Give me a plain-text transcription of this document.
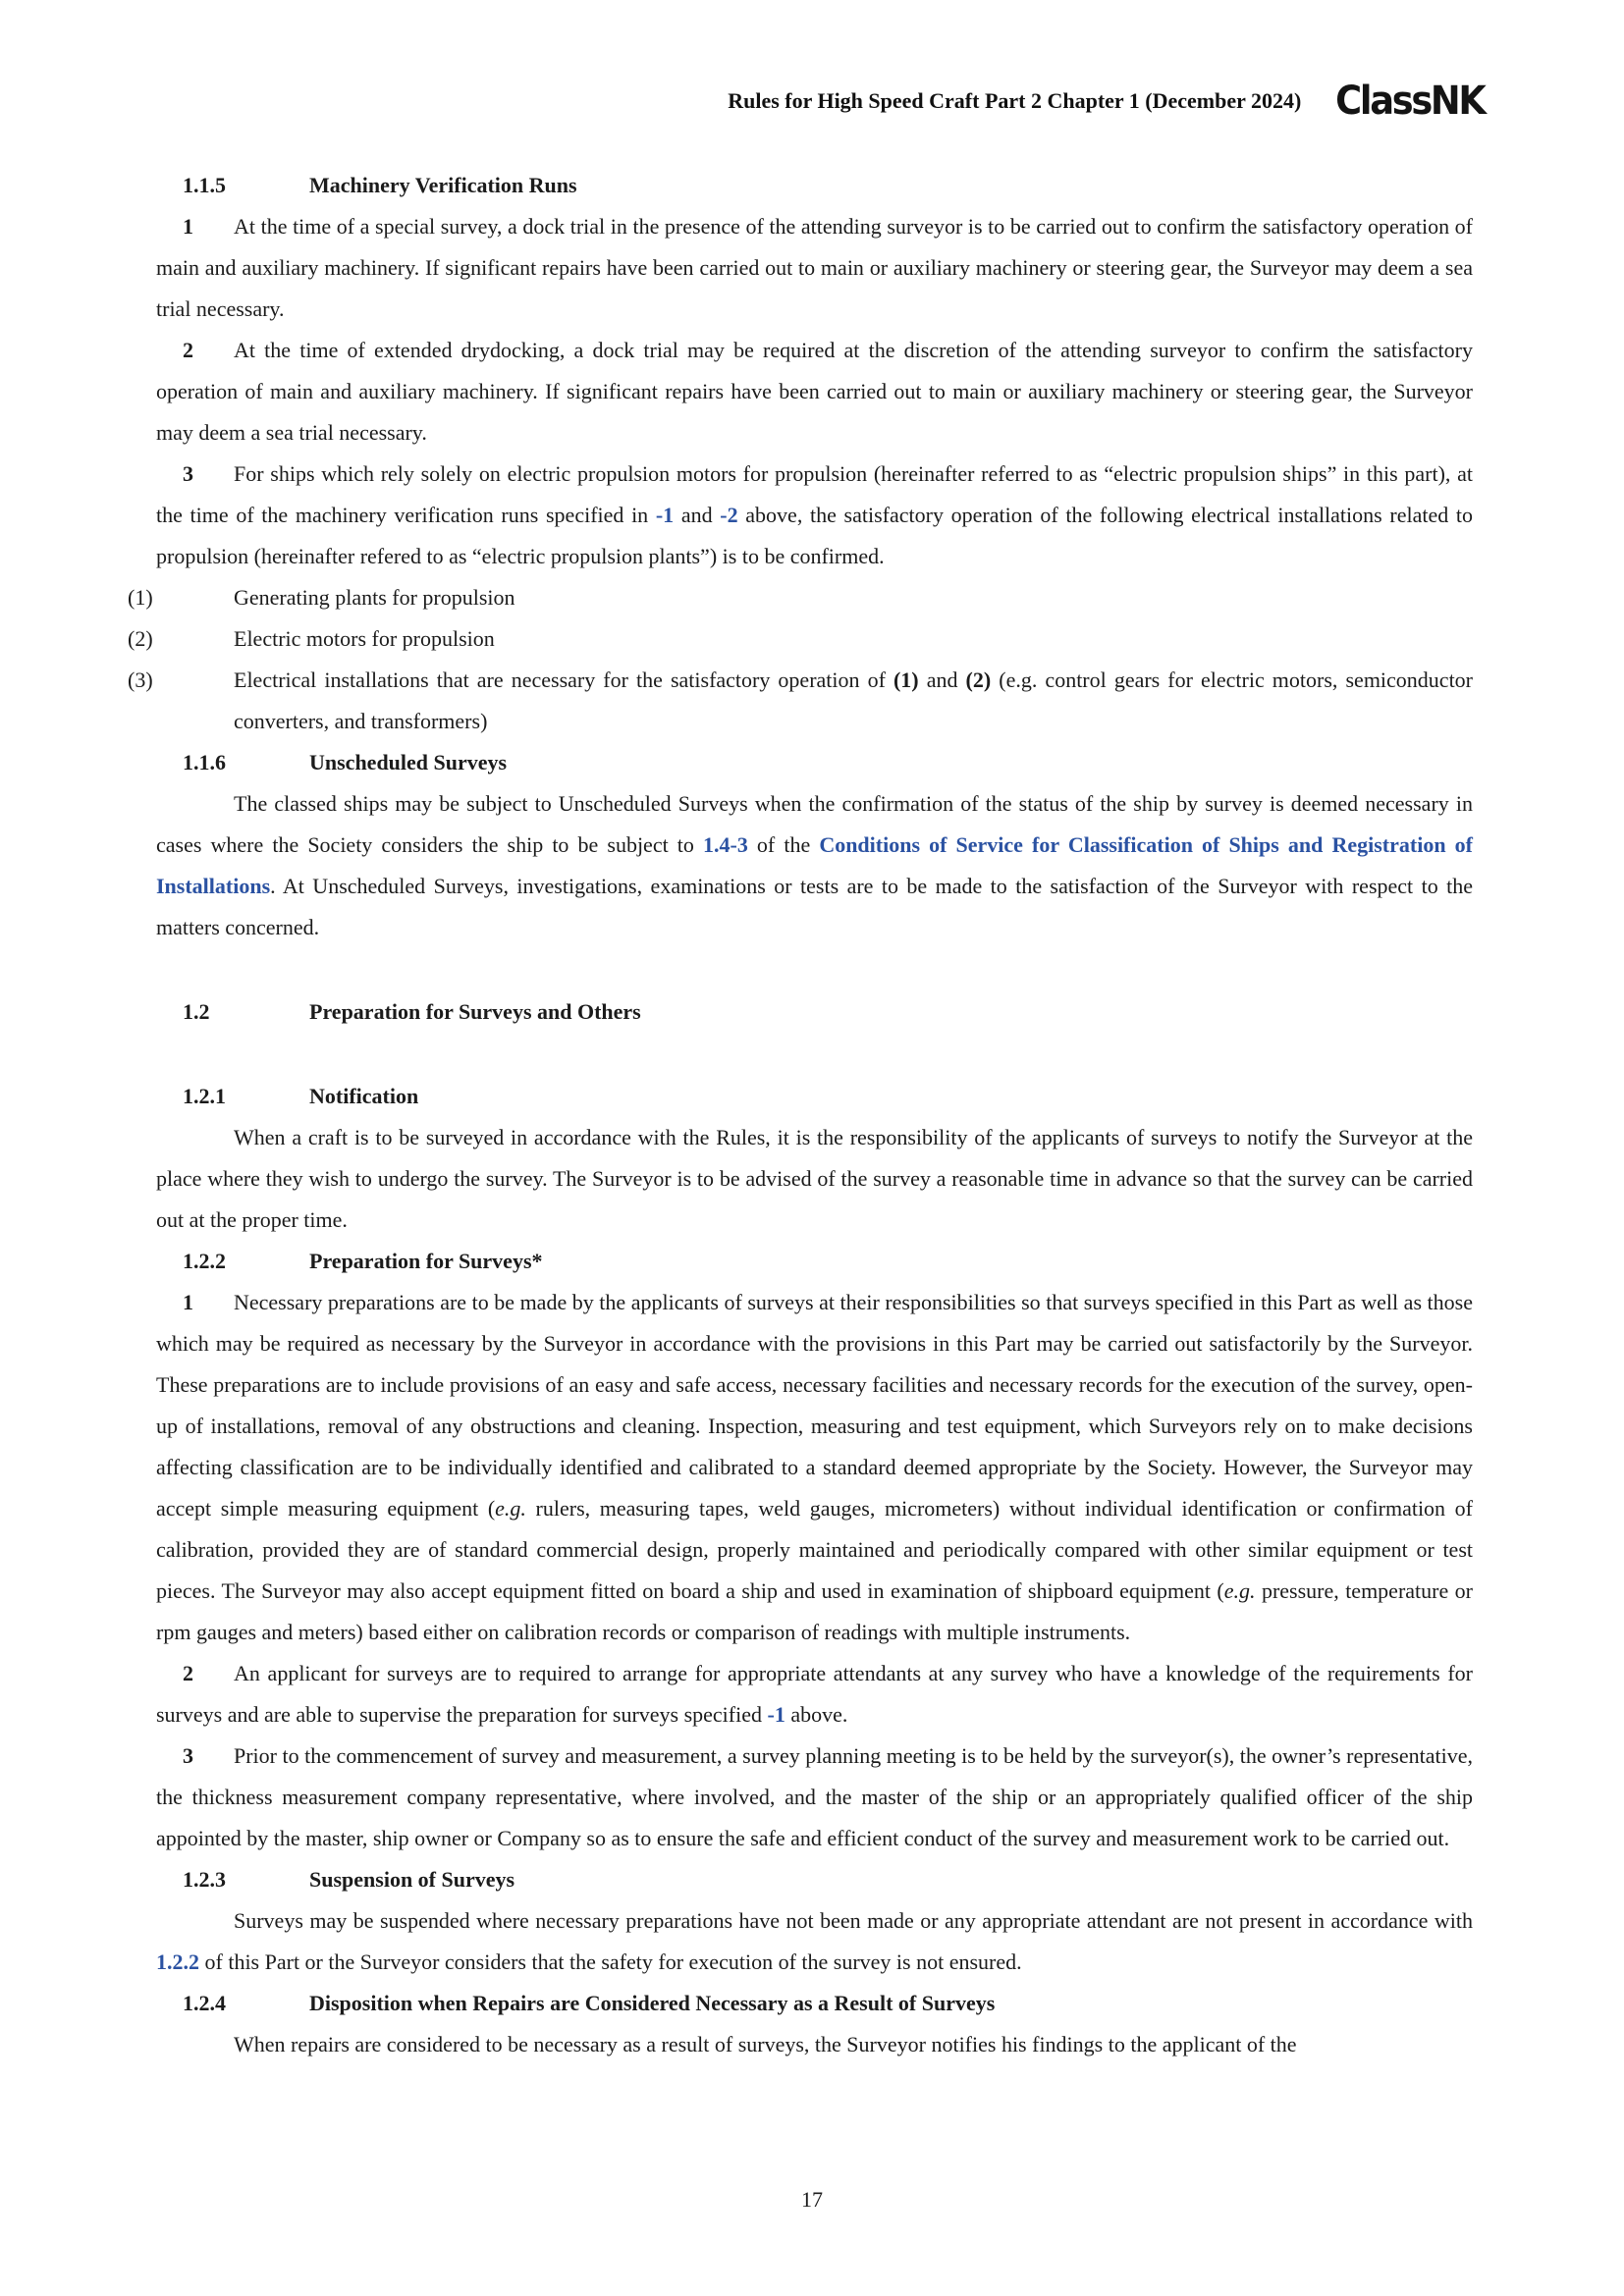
Rules for High Speed Craft Part 2 Chapter 1 (December 2024) ClassNK

1.1.5	Machinery Verification Runs

1 At the time of a special survey, a dock trial in the presence of the attending surveyor is to be carried out to confirm the satisfactory operation of main and auxiliary machinery. If significant repairs have been carried out to main or auxiliary machinery or steering gear, the Surveyor may deem a sea trial necessary.

2 At the time of extended drydocking, a dock trial may be required at the discretion of the attending surveyor to confirm the satisfactory operation of main and auxiliary machinery. If significant repairs have been carried out to main or auxiliary machinery or steering gear, the Surveyor may deem a sea trial necessary.

3 For ships which rely solely on electric propulsion motors for propulsion (hereinafter referred to as “electric propulsion ships” in this part), at the time of the machinery verification runs specified in -1 and -2 above, the satisfactory operation of the following electrical installations related to propulsion (hereinafter refered to as “electric propulsion plants”) is to be confirmed.

(1)	Generating plants for propulsion

(2)	Electric motors for propulsion

(3)	Electrical installations that are necessary for the satisfactory operation of (1) and (2) (e.g. control gears for electric motors, semiconductor converters, and transformers)

1.1.6	Unscheduled Surveys

The classed ships may be subject to Unscheduled Surveys when the confirmation of the status of the ship by survey is deemed necessary in cases where the Society considers the ship to be subject to 1.4-3 of the Conditions of Service for Classification of Ships and Registration of Installations. At Unscheduled Surveys, investigations, examinations or tests are to be made to the satisfaction of the Surveyor with respect to the matters concerned.

1.2	Preparation for Surveys and Others

1.2.1	Notification

When a craft is to be surveyed in accordance with the Rules, it is the responsibility of the applicants of surveys to notify the Surveyor at the place where they wish to undergo the survey. The Surveyor is to be advised of the survey a reasonable time in advance so that the survey can be carried out at the proper time.

1.2.2	Preparation for Surveys*

1 Necessary preparations are to be made by the applicants of surveys at their responsibilities so that surveys specified in this Part as well as those which may be required as necessary by the Surveyor in accordance with the provisions in this Part may be carried out satisfactorily by the Surveyor. These preparations are to include provisions of an easy and safe access, necessary facilities and necessary records for the execution of the survey, open-up of installations, removal of any obstructions and cleaning. Inspection, measuring and test equipment, which Surveyors rely on to make decisions affecting classification are to be individually identified and calibrated to a standard deemed appropriate by the Society. However, the Surveyor may accept simple measuring equipment (e.g. rulers, measuring tapes, weld gauges, micrometers) without individual identification or confirmation of calibration, provided they are of standard commercial design, properly maintained and periodically compared with other similar equipment or test pieces. The Surveyor may also accept equipment fitted on board a ship and used in examination of shipboard equipment (e.g. pressure, temperature or rpm gauges and meters) based either on calibration records or comparison of readings with multiple instruments.

2 An applicant for surveys are to required to arrange for appropriate attendants at any survey who have a knowledge of the requirements for surveys and are able to supervise the preparation for surveys specified -1 above.

3 Prior to the commencement of survey and measurement, a survey planning meeting is to be held by the surveyor(s), the owner’s representative, the thickness measurement company representative, where involved, and the master of the ship or an appropriately qualified officer of the ship appointed by the master, ship owner or Company so as to ensure the safe and efficient conduct of the survey and measurement work to be carried out.

1.2.3	Suspension of Surveys

Surveys may be suspended where necessary preparations have not been made or any appropriate attendant are not present in accordance with 1.2.2 of this Part or the Surveyor considers that the safety for execution of the survey is not ensured.

1.2.4	Disposition when Repairs are Considered Necessary as a Result of Surveys

When repairs are considered to be necessary as a result of surveys, the Surveyor notifies his findings to the applicant of the

17
